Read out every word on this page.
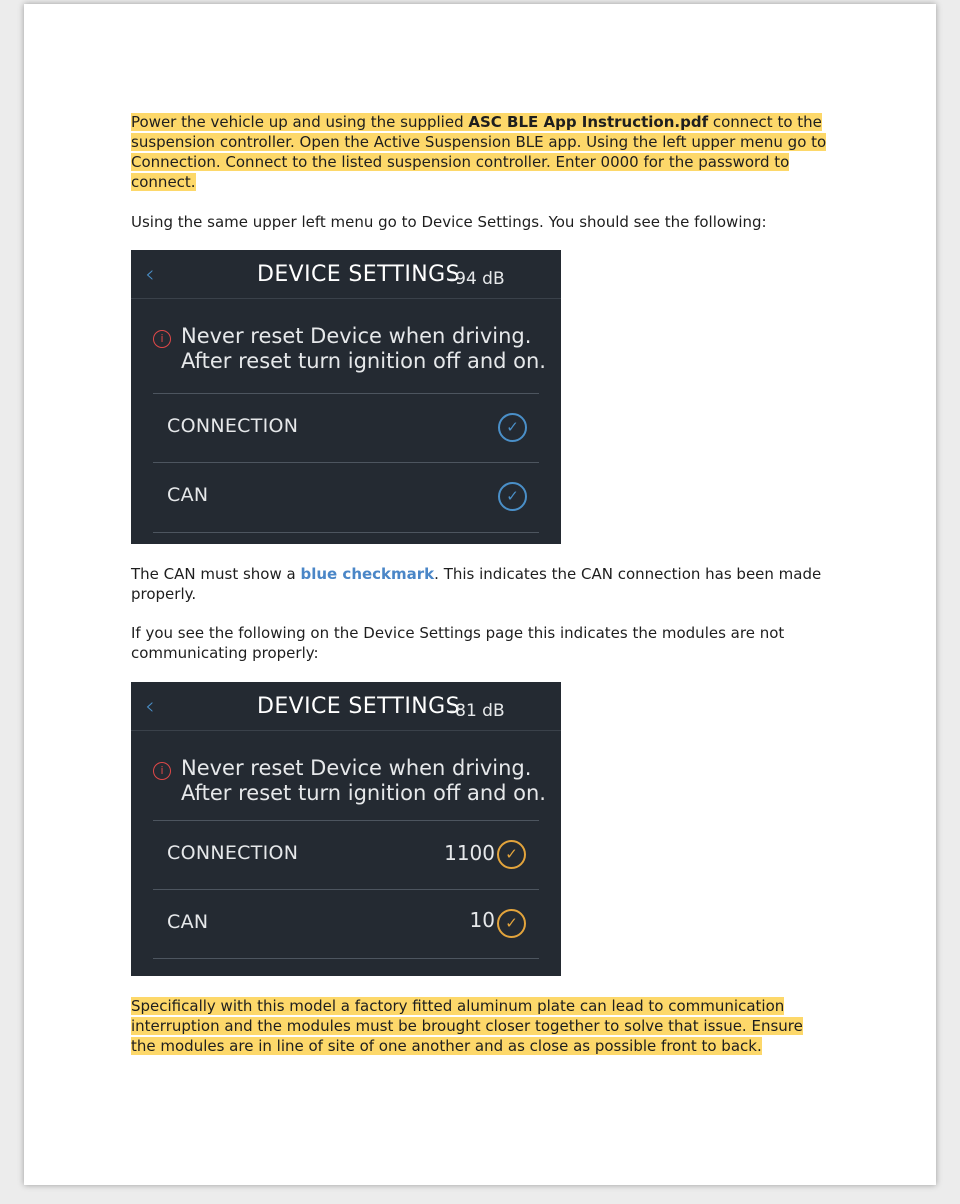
Power the vehicle up and using the supplied ASC BLE App Instruction.pdf connect to the suspension controller. Open the Active Suspension BLE app. Using the left upper menu go to Connection. Connect to the listed suspension controller. Enter 0000 for the password to connect.

Using the same upper left menu go to Device Settings. You should see the following:

‹	DEVICE SETTINGS
-94 dB
i Never reset Device when driving. After reset turn ignition off and on.
CONNECTION	✓
CAN	✓

The CAN must show a blue checkmark. This indicates the CAN connection has been made properly.

If you see the following on the Device Settings page this indicates the modules are not communicating properly:

‹	DEVICE SETTINGS
-81 dB
i Never reset Device when driving. After reset turn ignition off and on.
CONNECTION	1100 ✓
CAN	10 ✓

Specifically with this model a factory fitted aluminum plate can lead to communication interruption and the modules must be brought closer together to solve that issue. Ensure the modules are in line of site of one another and as close as possible front to back.
